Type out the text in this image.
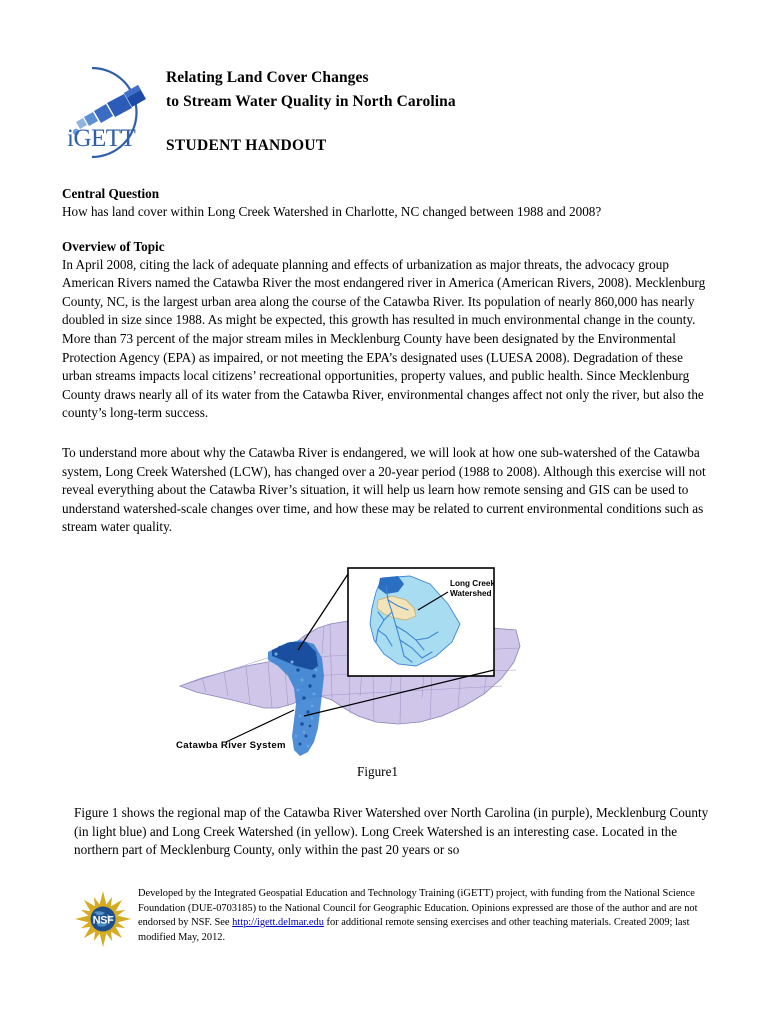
iGETT
Relating Land Cover Changes
to Stream Water Quality in North Carolina
STUDENT HANDOUT
Central Question

How has land cover within Long Creek Watershed in Charlotte, NC changed between 1988 and 2008?

Overview of Topic

In April 2008, citing the lack of adequate planning and effects of urbanization as major threats, the advocacy group American Rivers named the Catawba River the most endangered river in America (American Rivers, 2008). Mecklenburg County, NC, is the largest urban area along the course of the Catawba River. Its population of nearly 860,000 has nearly doubled in size since 1988. As might be expected, this growth has resulted in much environmental change in the county. More than 73 percent of the major stream miles in Mecklenburg County have been designated by the Environmental Protection Agency (EPA) as impaired, or not meeting the EPA’s designated uses (LUESA 2008). Degradation of these urban streams impacts local citizens’ recreational opportunities, property values, and public health. Since Mecklenburg County draws nearly all of its water from the Catawba River, environmental changes affect not only the river, but also the county’s long-term success.

To understand more about why the Catawba River is endangered, we will look at how one sub-watershed of the Catawba system, Long Creek Watershed (LCW), has changed over a 20-year period (1988 to 2008). Although this exercise will not reveal everything about the Catawba River’s situation, it will help us learn how remote sensing and GIS can be used to understand watershed-scale changes over time, and how these may be related to current environmental conditions such as stream water quality.

Long Creek
Watershed
Catawba River System
Figure1

Figure 1 shows the regional map of the Catawba River Watershed over North Carolina (in purple), Mecklenburg County (in light blue) and Long Creek Watershed (in yellow). Long Creek Watershed is an interesting case. Located in the northern part of Mecklenburg County, only within the past 20 years or so

NSF
Developed by the Integrated Geospatial Education and Technology Training (iGETT) project, with funding from the National Science Foundation (DUE-0703185) to the National Council for Geographic Education. Opinions expressed are those of the author and are not endorsed by NSF. See http://igett.delmar.edu for additional remote sensing exercises and other teaching materials. Created 2009; last modified May, 2012.
